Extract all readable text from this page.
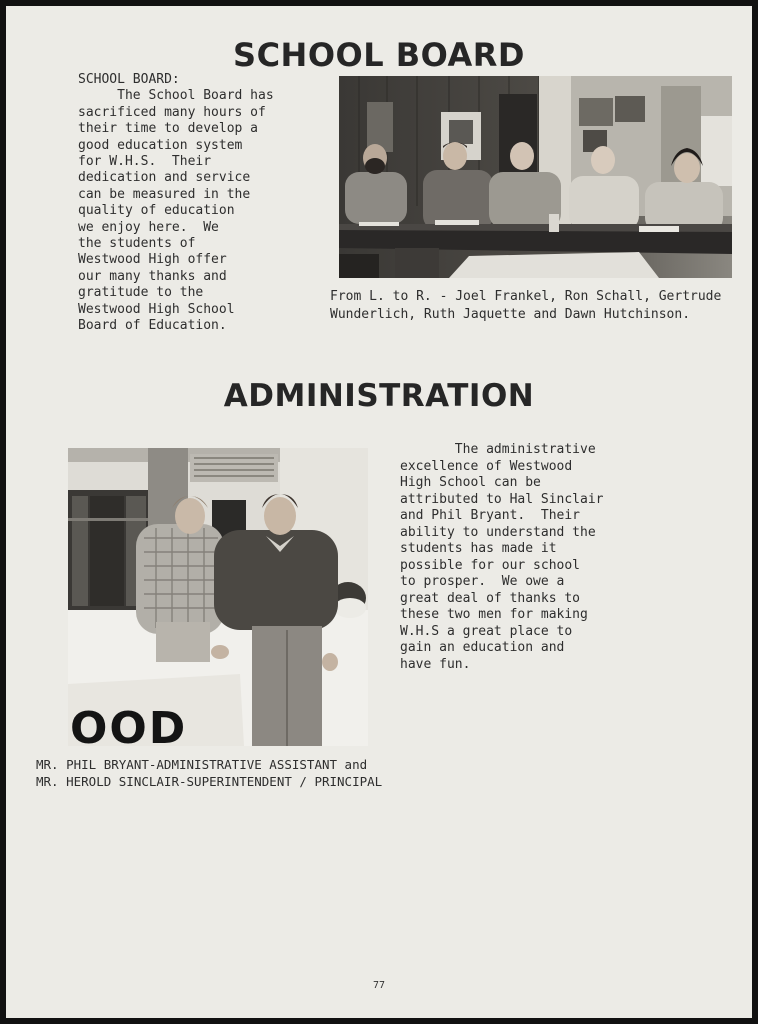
SCHOOL BOARD
SCHOOL BOARD:
The School Board has
sacrificed many hours of
their time to develop a
good education system
for W.H.S.  Their
dedication and service
can be measured in the
quality of education
we enjoy here.  We
the students of
Westwood High offer
our many thanks and
gratitude to the
Westwood High School
Board of Education.
From L. to R. - Joel Frankel, Ron Schall, Gertrude
Wunderlich, Ruth Jaquette and Dawn Hutchinson.
ADMINISTRATION
OOD
The administrative
excellence of Westwood
High School can be
attributed to Hal Sinclair
and Phil Bryant.  Their
ability to understand the
students has made it
possible for our school
to prosper.  We owe a
great deal of thanks to
these two men for making
W.H.S a great place to
gain an education and
have fun.
MR. PHIL BRYANT-ADMINISTRATIVE ASSISTANT and
MR. HEROLD SINCLAIR-SUPERINTENDENT / PRINCIPAL
77
